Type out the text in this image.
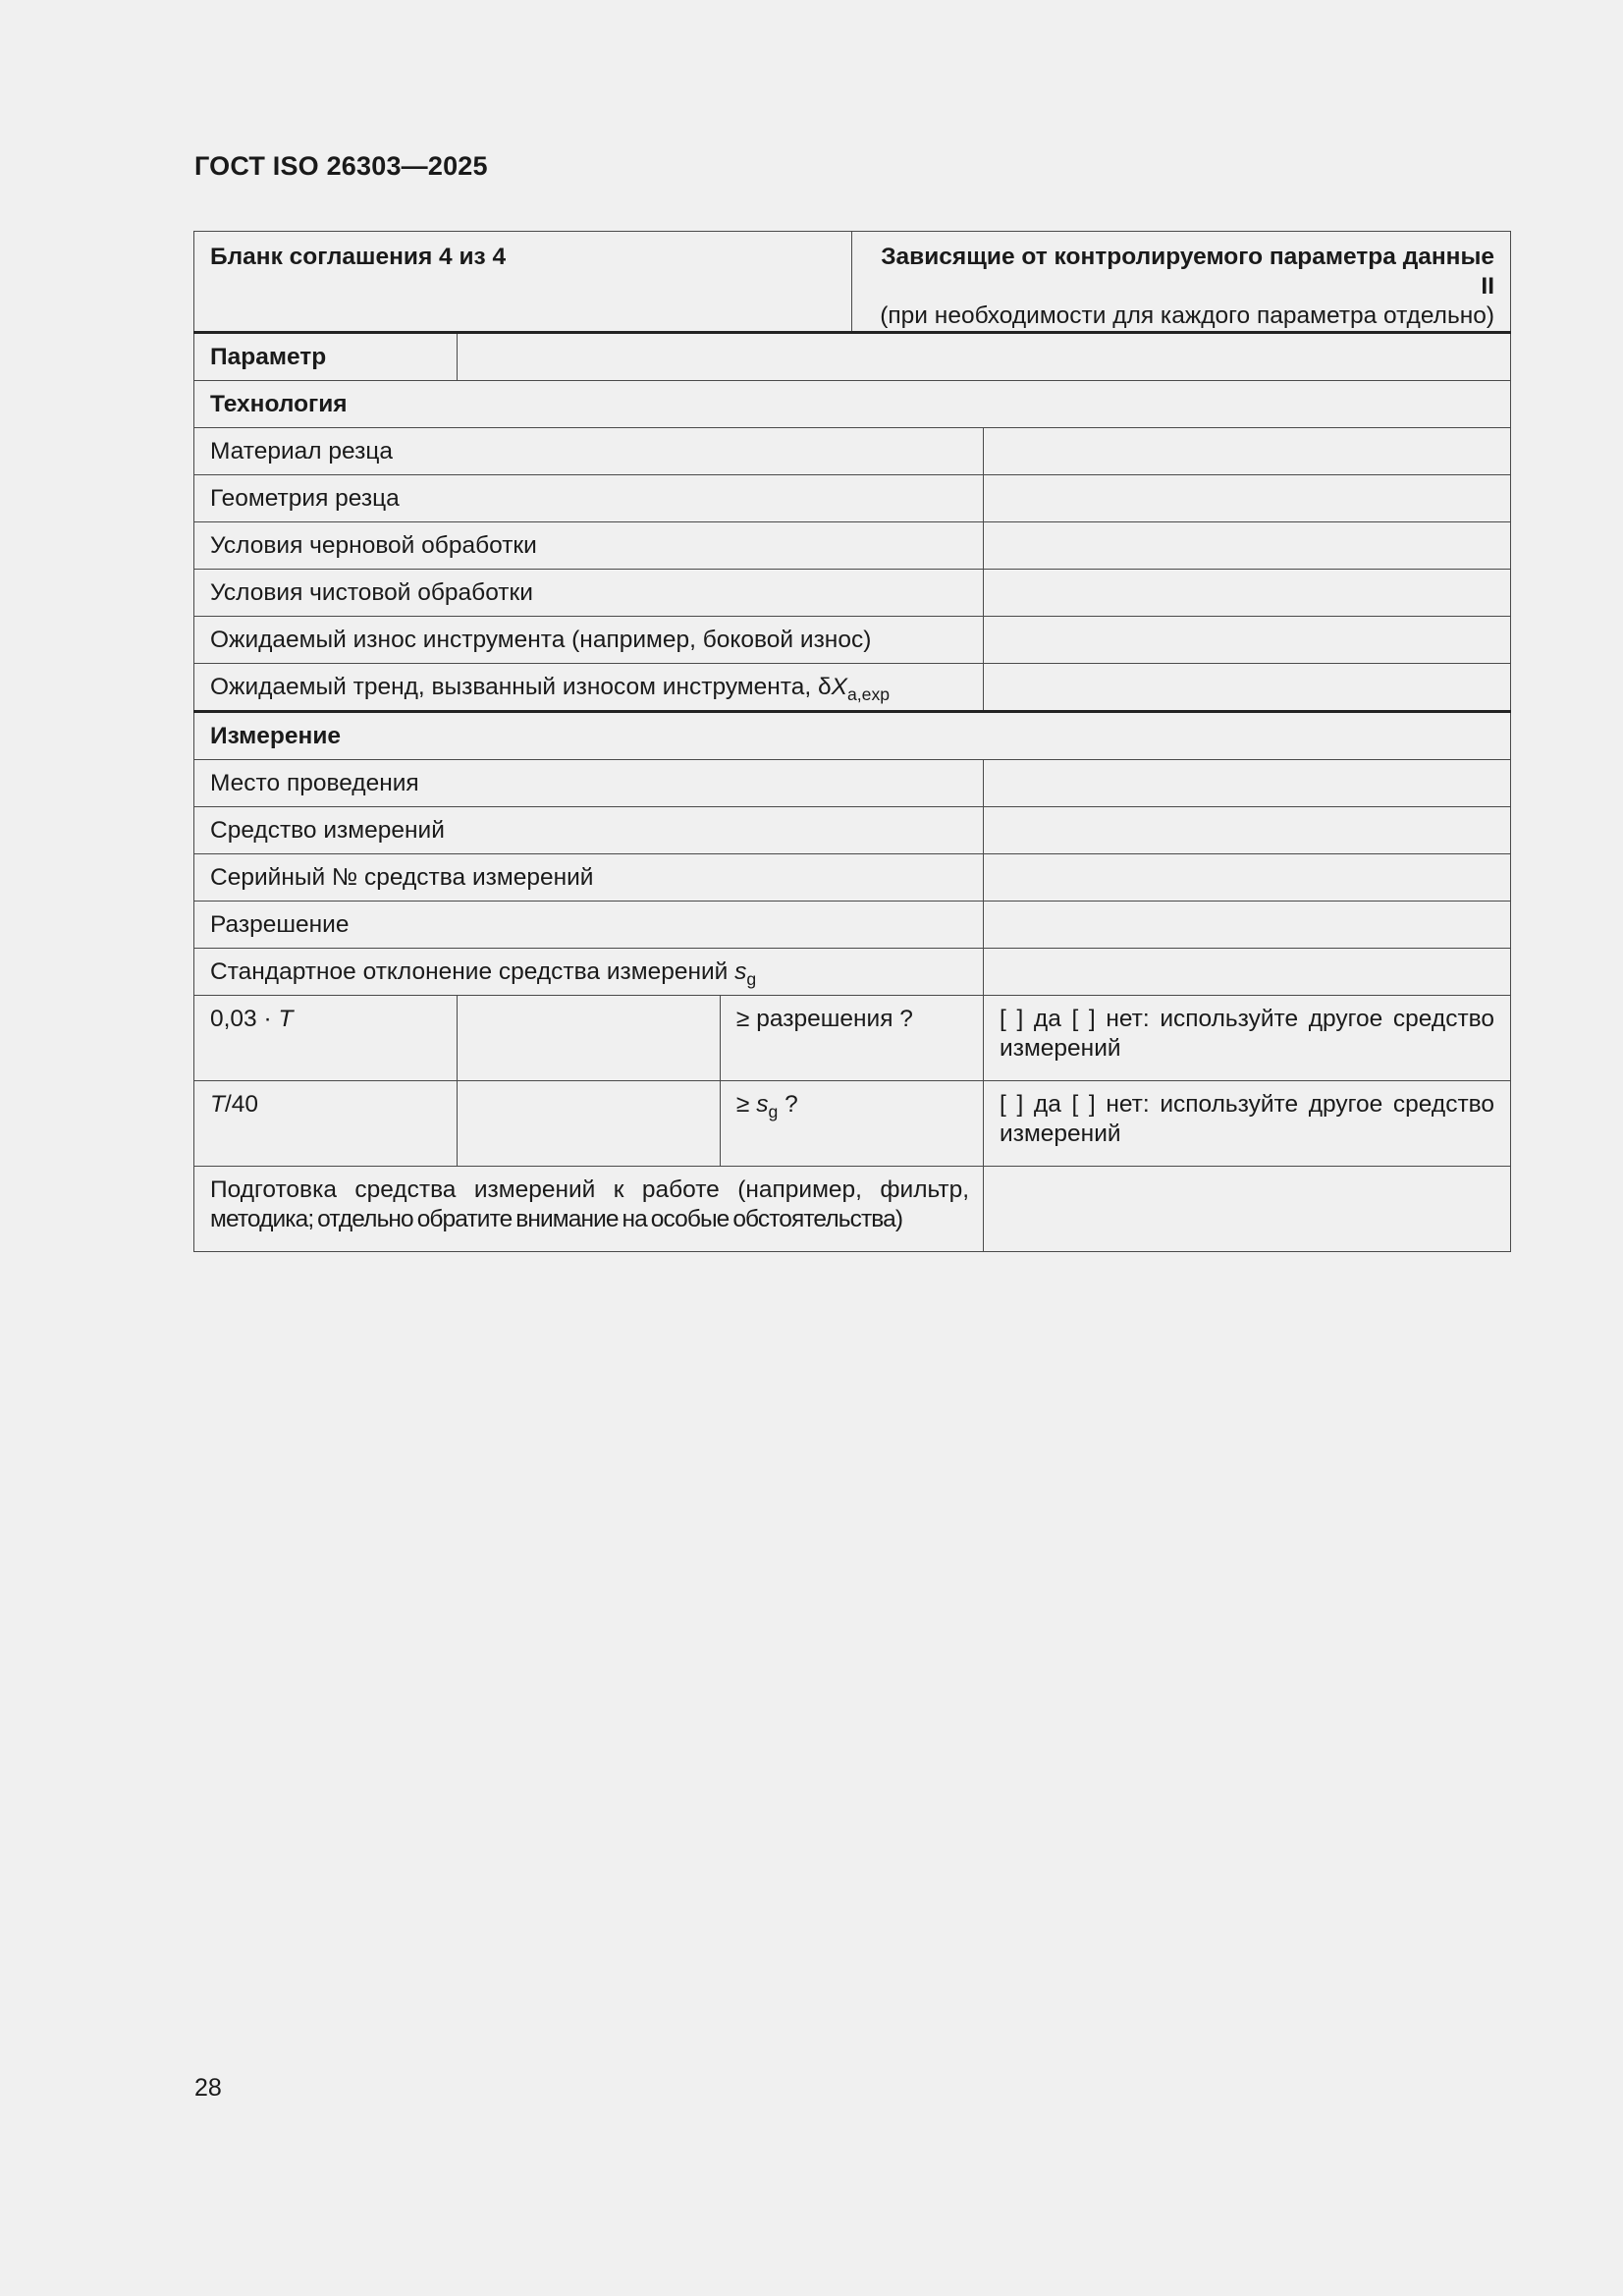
ГОСТ ISO 26303—2025
Бланк соглашения 4 из 4			Зависящие от контролируемого параметра данные II
(при необходимости для каждого параметра отдельно)	

Параметр				
Технология				
Материал резца				
Геометрия резца				
Условия черновой обработки				
Условия чистовой обработки				
Ожидаемый износ инструмента (например, боковой износ)				
Ожидаемый тренд, вызванный износом инструмента, $\delta X_{a,exp}$	
Измерение				
Место проведения				
Средство измерений				
Серийный № средства измерений				
Разрешение				
Стандартное отклонение средства измерений $s_g$	
0,03 · T		≥ разрешения ?		[ ] да [ ] нет: используйте другое средство
измерений

T/40		≥ $s_g$ ?		[ ] да [ ] нет: используйте другое средство
измерений

Подготовка средства измерений к работе (например, фильтр,
методика; отдельно обратите внимание на особые обстоятельства)				

28
